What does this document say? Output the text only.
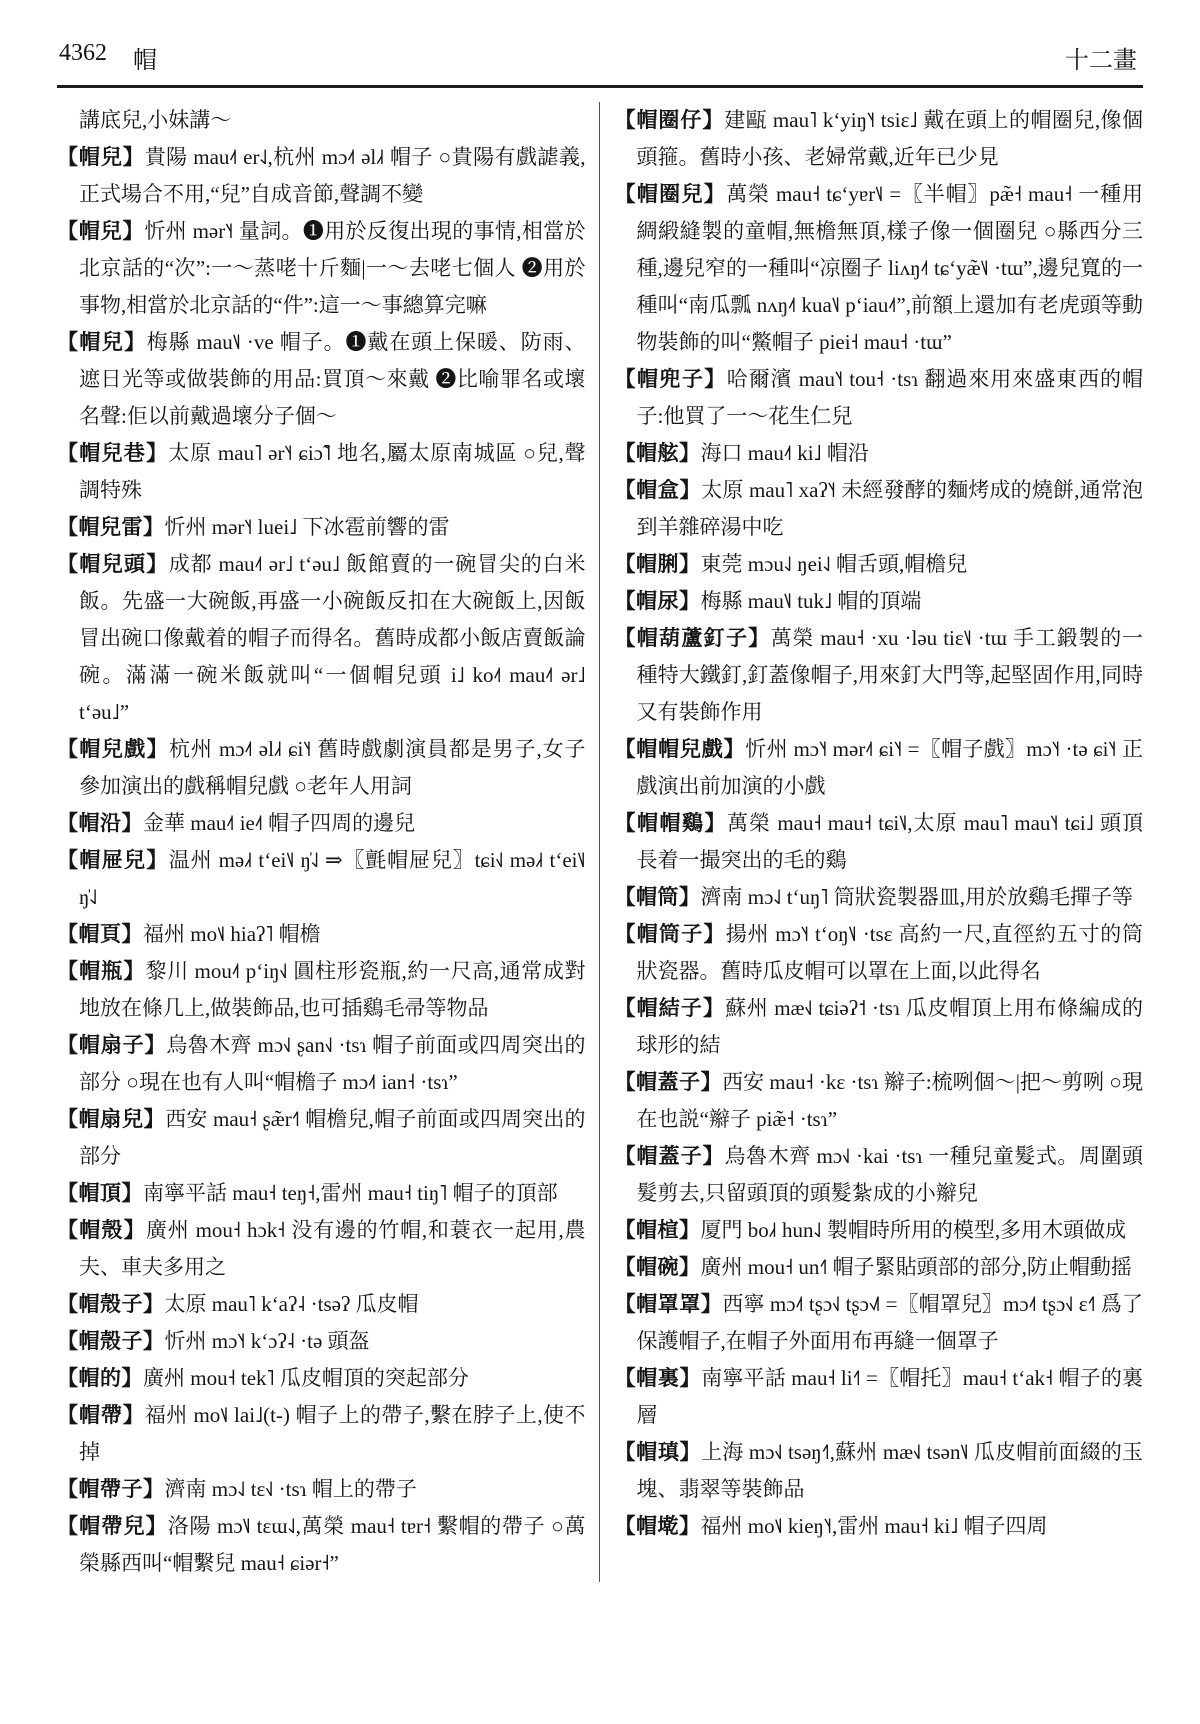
4362 帽	十二畫

講底兒,小妹講～

【帽兒】貴陽 mau˨˦ er˨˩,杭州 mɔ˨˦ əl˩˧ 帽子 ○貴陽有戲謔義,正式場合不用,“兒”自成音節,聲調不變

【帽兒】忻州 mər˥˧ 量詞。❶用於反復出現的事情,相當於北京話的“次”:一～蒸咾十斤麵|一～去咾七個人 ❷用於事物,相當於北京話的“件”:這一～事總算完嘛

【帽兒】梅縣 mau˥˩ ·ve 帽子。❶戴在頭上保暖、防雨、遮日光等或做裝飾的用品:買頂～來戴 ❷比喻罪名或壞名聲:佢以前戴過壞分子個～

【帽兒巷】太原 mau˥ ər˥˧ ɕiɔ̃˥ 地名,屬太原南城區 ○兒,聲調特殊

【帽兒雷】忻州 mər˥˧ luei˩ 下冰雹前響的雷

【帽兒頭】成都 mau˨˦ ər˩ tʻəu˩ 飯館賣的一碗冒尖的白米飯。先盛一大碗飯,再盛一小碗飯反扣在大碗飯上,因飯冒出碗口像戴着的帽子而得名。舊時成都小飯店賣飯論碗。滿滿一碗米飯就叫“一個帽兒頭 i˩ ko˨˦ mau˨˦ ər˩ tʻəu˩”

【帽兒戲】杭州 mɔ˨˦ əl˩˧ ɕi˥˧ 舊時戲劇演員都是男子,女子參加演出的戲稱帽兒戲 ○老年人用詞

【帽沿】金華 mau˨˦ ie˨˦ 帽子四周的邊兒

【帽屉兒】温州 mə˩˧ tʻei˥˩ ŋ̍˨˩ ⇒〖氈帽屉兒〗tɕi˧˩ mə˩˧ tʻei˥˩ ŋ̍˨˩

【帽頁】福州 mo˦˩ hiaʔ˥ 帽檐

【帽瓶】黎川 mou˨˦ pʻiŋ˧˩ 圓柱形瓷瓶,約一尺高,通常成對地放在條几上,做裝飾品,也可插鷄毛帚等物品

【帽扇子】烏魯木齊 mɔ˧˩ ʂan˧˩ ·tsɿ 帽子前面或四周突出的部分 ○現在也有人叫“帽檐子 mɔ˨˦ ian˧ ·tsɿ”

【帽扇兒】西安 mau˧ ʂæ̃r˧˥ 帽檐兒,帽子前面或四周突出的部分

【帽頂】南寧平話 mau˧ teŋ˧,雷州 mau˧ tiŋ˥ 帽子的頂部

【帽殼】廣州 mou˧ hɔk˧ 没有邊的竹帽,和蓑衣一起用,農夫、車夫多用之

【帽殼子】太原 mau˥ kʻaʔ˨ ·tsəʔ 瓜皮帽

【帽殼子】忻州 mɔ˥˧ kʻɔʔ˨ ·tə 頭盔

【帽的】廣州 mou˧ tek˥ 瓜皮帽頂的突起部分

【帽帶】福州 mo˦˩ lai˩(t-) 帽子上的帶子,繫在脖子上,使不掉

【帽帶子】濟南 mɔ˨˩ tɛ˧˩ ·tsɿ 帽上的帶子

【帽帶兒】洛陽 mɔ˥˩ tɛɯ˨˩,萬榮 mau˧ tɐr˧ 繫帽的帶子 ○萬榮縣西叫“帽繫兒 mau˧ ɕiər˧”

【帽圈仔】建甌 mau˥ kʻyiŋ˥˧ tsiɛ˩ 戴在頭上的帽圈兒,像個頭箍。舊時小孩、老婦常戴,近年已少見

【帽圈兒】萬榮 mau˧ tɕʻyɐr˥˩ =〖半帽〗pæ̃˧ mau˧ 一種用綢緞縫製的童帽,無檐無頂,樣子像一個圈兒 ○縣西分三種,邊兒窄的一種叫“凉圈子 liʌŋ˨˦ tɕʻyæ̃˥˩ ·tɯ”,邊兒寬的一種叫“南瓜瓢 nʌŋ˨˦ kua˥˩ pʻiau˨˦”,前額上還加有老虎頭等動物裝飾的叫“鱉帽子 piei˧ mau˧ ·tɯ”

【帽兜子】哈爾濱 mau˥˧ tou˧ ·tsɿ 翻過來用來盛東西的帽子:他買了一～花生仁兒

【帽舷】海口 mau˨˦ ki˩ 帽沿

【帽盒】太原 mau˥ xaʔ˥˧ 未經發酵的麵烤成的燒餅,通常泡到羊雜碎湯中吃

【帽脷】東莞 mɔu˨˩ ŋei˨˩ 帽舌頭,帽檐兒

【帽尿】梅縣 mau˥˩ tuk˩ 帽的頂端

【帽葫蘆釘子】萬榮 mau˧ ·xu ·ləu tiɛ˥˩ ·tɯ 手工鍛製的一種特大鐵釘,釘蓋像帽子,用來釘大門等,起堅固作用,同時又有裝飾作用

【帽帽兒戲】忻州 mɔ˥˧ mər˨˦ ɕi˥˧ =〖帽子戲〗mɔ˥˧ ·tə ɕi˥˧ 正戲演出前加演的小戲

【帽帽鷄】萬榮 mau˧ mau˧ tɕi˥˩,太原 mau˥ mau˥˧ tɕi˩ 頭頂長着一撮突出的毛的鷄

【帽筒】濟南 mɔ˨˩ tʻuŋ˥ 筒狀瓷製器皿,用於放鷄毛撣子等

【帽筒子】揚州 mɔ˥˧ tʻoŋ˥˩ ·tsɛ 高約一尺,直徑約五寸的筒狀瓷器。舊時瓜皮帽可以罩在上面,以此得名

【帽結子】蘇州 mæ˧˩ tɕiəʔ˦ ·tsɿ 瓜皮帽頂上用布條編成的球形的結

【帽蓋子】西安 mau˧ ·kɛ ·tsɿ 辮子:梳咧個～|把～剪咧 ○現在也説“辮子 piæ̃˧ ·tsɿ”

【帽蓋子】烏魯木齊 mɔ˧˩ ·kai ·tsɿ 一種兒童髮式。周圍頭髮剪去,只留頭頂的頭髮紮成的小辮兒

【帽楦】厦門 bo˩˧ hun˨˩ 製帽時所用的模型,多用木頭做成

【帽碗】廣州 mou˧ un˧˥ 帽子緊貼頭部的部分,防止帽動摇

【帽罩罩】西寧 mɔ˨˦ tʂɔ˧˩ tʂɔ˧˩˥ =〖帽罩兒〗mɔ˨˦ tʂɔ˧˩ ɛ˧˥ 爲了保護帽子,在帽子外面用布再縫一個罩子

【帽裏】南寧平話 mau˧ li˧˥ =〖帽托〗mau˧ tʻak˧ 帽子的裏層

【帽瑱】上海 mɔ˧˩ tsəŋ˧˥,蘇州 mæ˧˩ tsən˥˩ 瓜皮帽前面綴的玉塊、翡翠等裝飾品

【帽墘】福州 mo˦˩ kieŋ˥˧,雷州 mau˧ ki˩ 帽子四周
